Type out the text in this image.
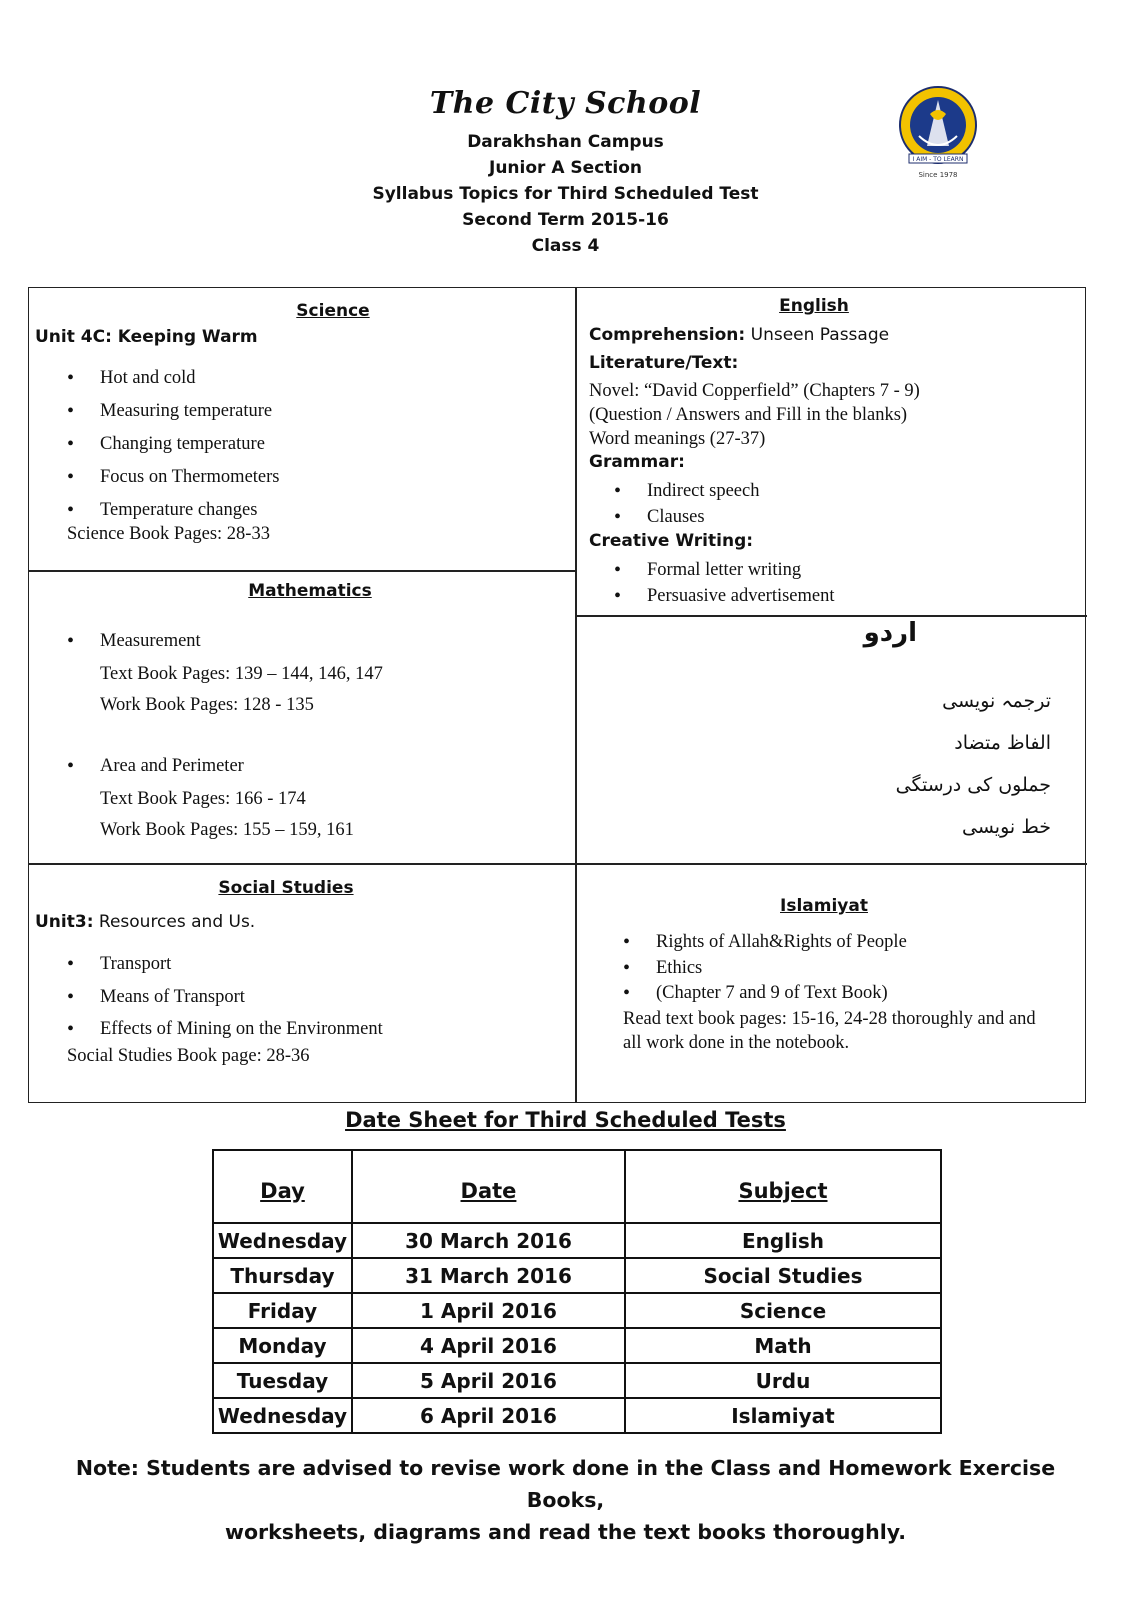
The City School
Darakhshan Campus
Junior A Section
Syllabus Topics for Third Scheduled Test
Second Term 2015-16
Class 4
I AIM - TO LEARN
Since 1978
Science
Unit 4C: Keeping Warm
• Hot and cold
• Measuring temperature
• Changing temperature
• Focus on Thermometers
• Temperature changes
Science Book Pages: 28-33
Mathematics
• Measurement
Text Book Pages: 139 – 144, 146, 147
Work Book Pages: 128 - 135
• Area and Perimeter
Text Book Pages: 166 - 174
Work Book Pages: 155 – 159, 161
Social Studies
Unit3: Resources and Us.
• Transport
• Means of Transport
• Effects of Mining on the Environment
Social Studies Book page: 28-36
English
Comprehension: Unseen Passage
Literature/Text:
Novel: “David Copperfield” (Chapters 7 - 9)
(Question / Answers and Fill in the blanks)
Word meanings (27-37)
Grammar:
• Indirect speech
• Clauses
Creative Writing:
• Formal letter writing
• Persuasive advertisement
اردو
ترجمہ نویسی
الفاظ متضاد
جملوں کی درستگی
خط نویسی
Islamiyat
• Rights of Allah&Rights of People
• Ethics
• (Chapter 7 and 9 of Text Book)
Read text book pages: 15-16, 24-28 thoroughly and and
all work done in the notebook.
Date Sheet for Third Scheduled Tests
Day	Date	Subject
Wednesday	30 March 2016	English
Thursday	31 March 2016	Social Studies
Friday	1 April 2016	Science
Monday	4 April 2016	Math
Tuesday	5 April 2016	Urdu
Wednesday	6 April 2016	Islamiyat
Note: Students are advised to revise work done in the Class and Homework Exercise Books,
worksheets, diagrams and read the text books thoroughly.
